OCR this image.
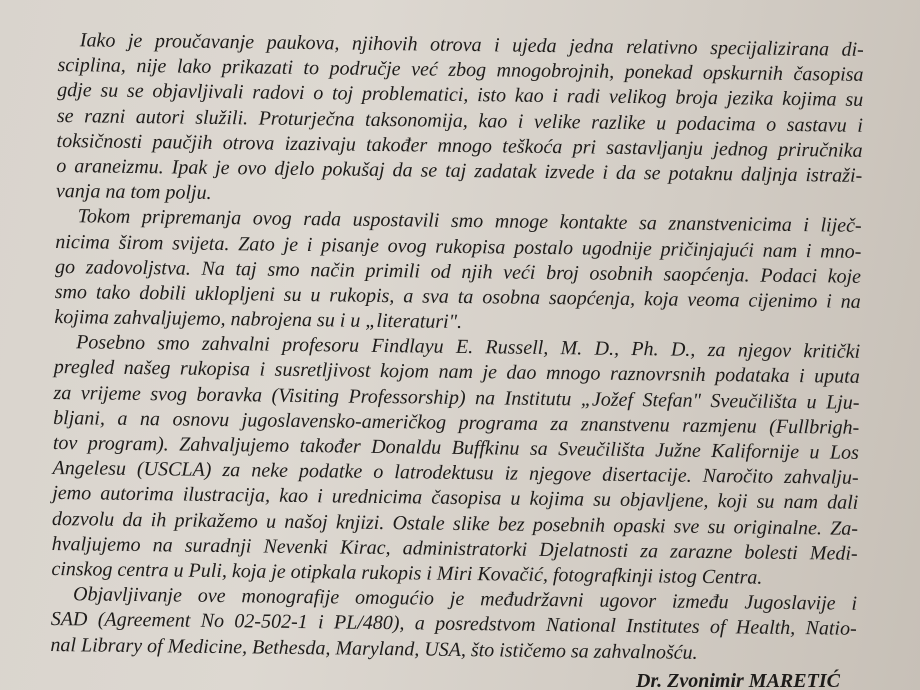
Iako je proučavanje paukova, njihovih otrova i ujeda jedna relativno specijalizirana di-
sciplina, nije lako prikazati to područje već zbog mnogobrojnih, ponekad opskurnih časopisa
gdje su se objavljivali radovi o toj problematici, isto kao i radi velikog broja jezika kojima su
se razni autori služili. Proturječna taksonomija, kao i velike razlike u podacima o sastavu i
toksičnosti paučjih otrova izazivaju također mnogo teškoća pri sastavljanju jednog priručnika
o araneizmu. Ipak je ovo djelo pokušaj da se taj zadatak izvede i da se potaknu daljnja istraži-
vanja na tom polju.
Tokom pripremanja ovog rada uspostavili smo mnoge kontakte sa znanstvenicima i liječ-
nicima širom svijeta. Zato je i pisanje ovog rukopisa postalo ugodnije pričinjajući nam i mno-
go zadovoljstva. Na taj smo način primili od njih veći broj osobnih saopćenja. Podaci koje
smo tako dobili uklopljeni su u rukopis, a sva ta osobna saopćenja, koja veoma cijenimo i na
kojima zahvaljujemo, nabrojena su i u „literaturi".
Posebno smo zahvalni profesoru Findlayu E. Russell, M. D., Ph. D., za njegov kritički
pregled našeg rukopisa i susretljivost kojom nam je dao mnogo raznovrsnih podataka i uputa
za vrijeme svog boravka (Visiting Professorship) na Institutu „Jožef Stefan" Sveučilišta u Lju-
bljani, a na osnovu jugoslavensko-američkog programa za znanstvenu razmjenu (Fullbrigh-
tov program). Zahvaljujemo također Donaldu Buffkinu sa Sveučilišta Južne Kalifornije u Los
Angelesu (USCLA) za neke podatke o latrodektusu iz njegove disertacije. Naročito zahvalju-
jemo autorima ilustracija, kao i urednicima časopisa u kojima su objavljene, koji su nam dali
dozvolu da ih prikažemo u našoj knjizi. Ostale slike bez posebnih opaski sve su originalne. Za-
hvaljujemo na suradnji Nevenki Kirac, administratorki Djelatnosti za zarazne bolesti Medi-
cinskog centra u Puli, koja je otipkala rukopis i Miri Kovačić, fotografkinji istog Centra.
Objavljivanje ove monografije omogućio je međudržavni ugovor između Jugoslavije i
SAD (Agreement No 02-502-1 i PL/480), a posredstvom National Institutes of Health, Natio-
nal Library of Medicine, Bethesda, Maryland, USA, što ističemo sa zahvalnošću.
Dr. Zvonimir MARETIĆ
